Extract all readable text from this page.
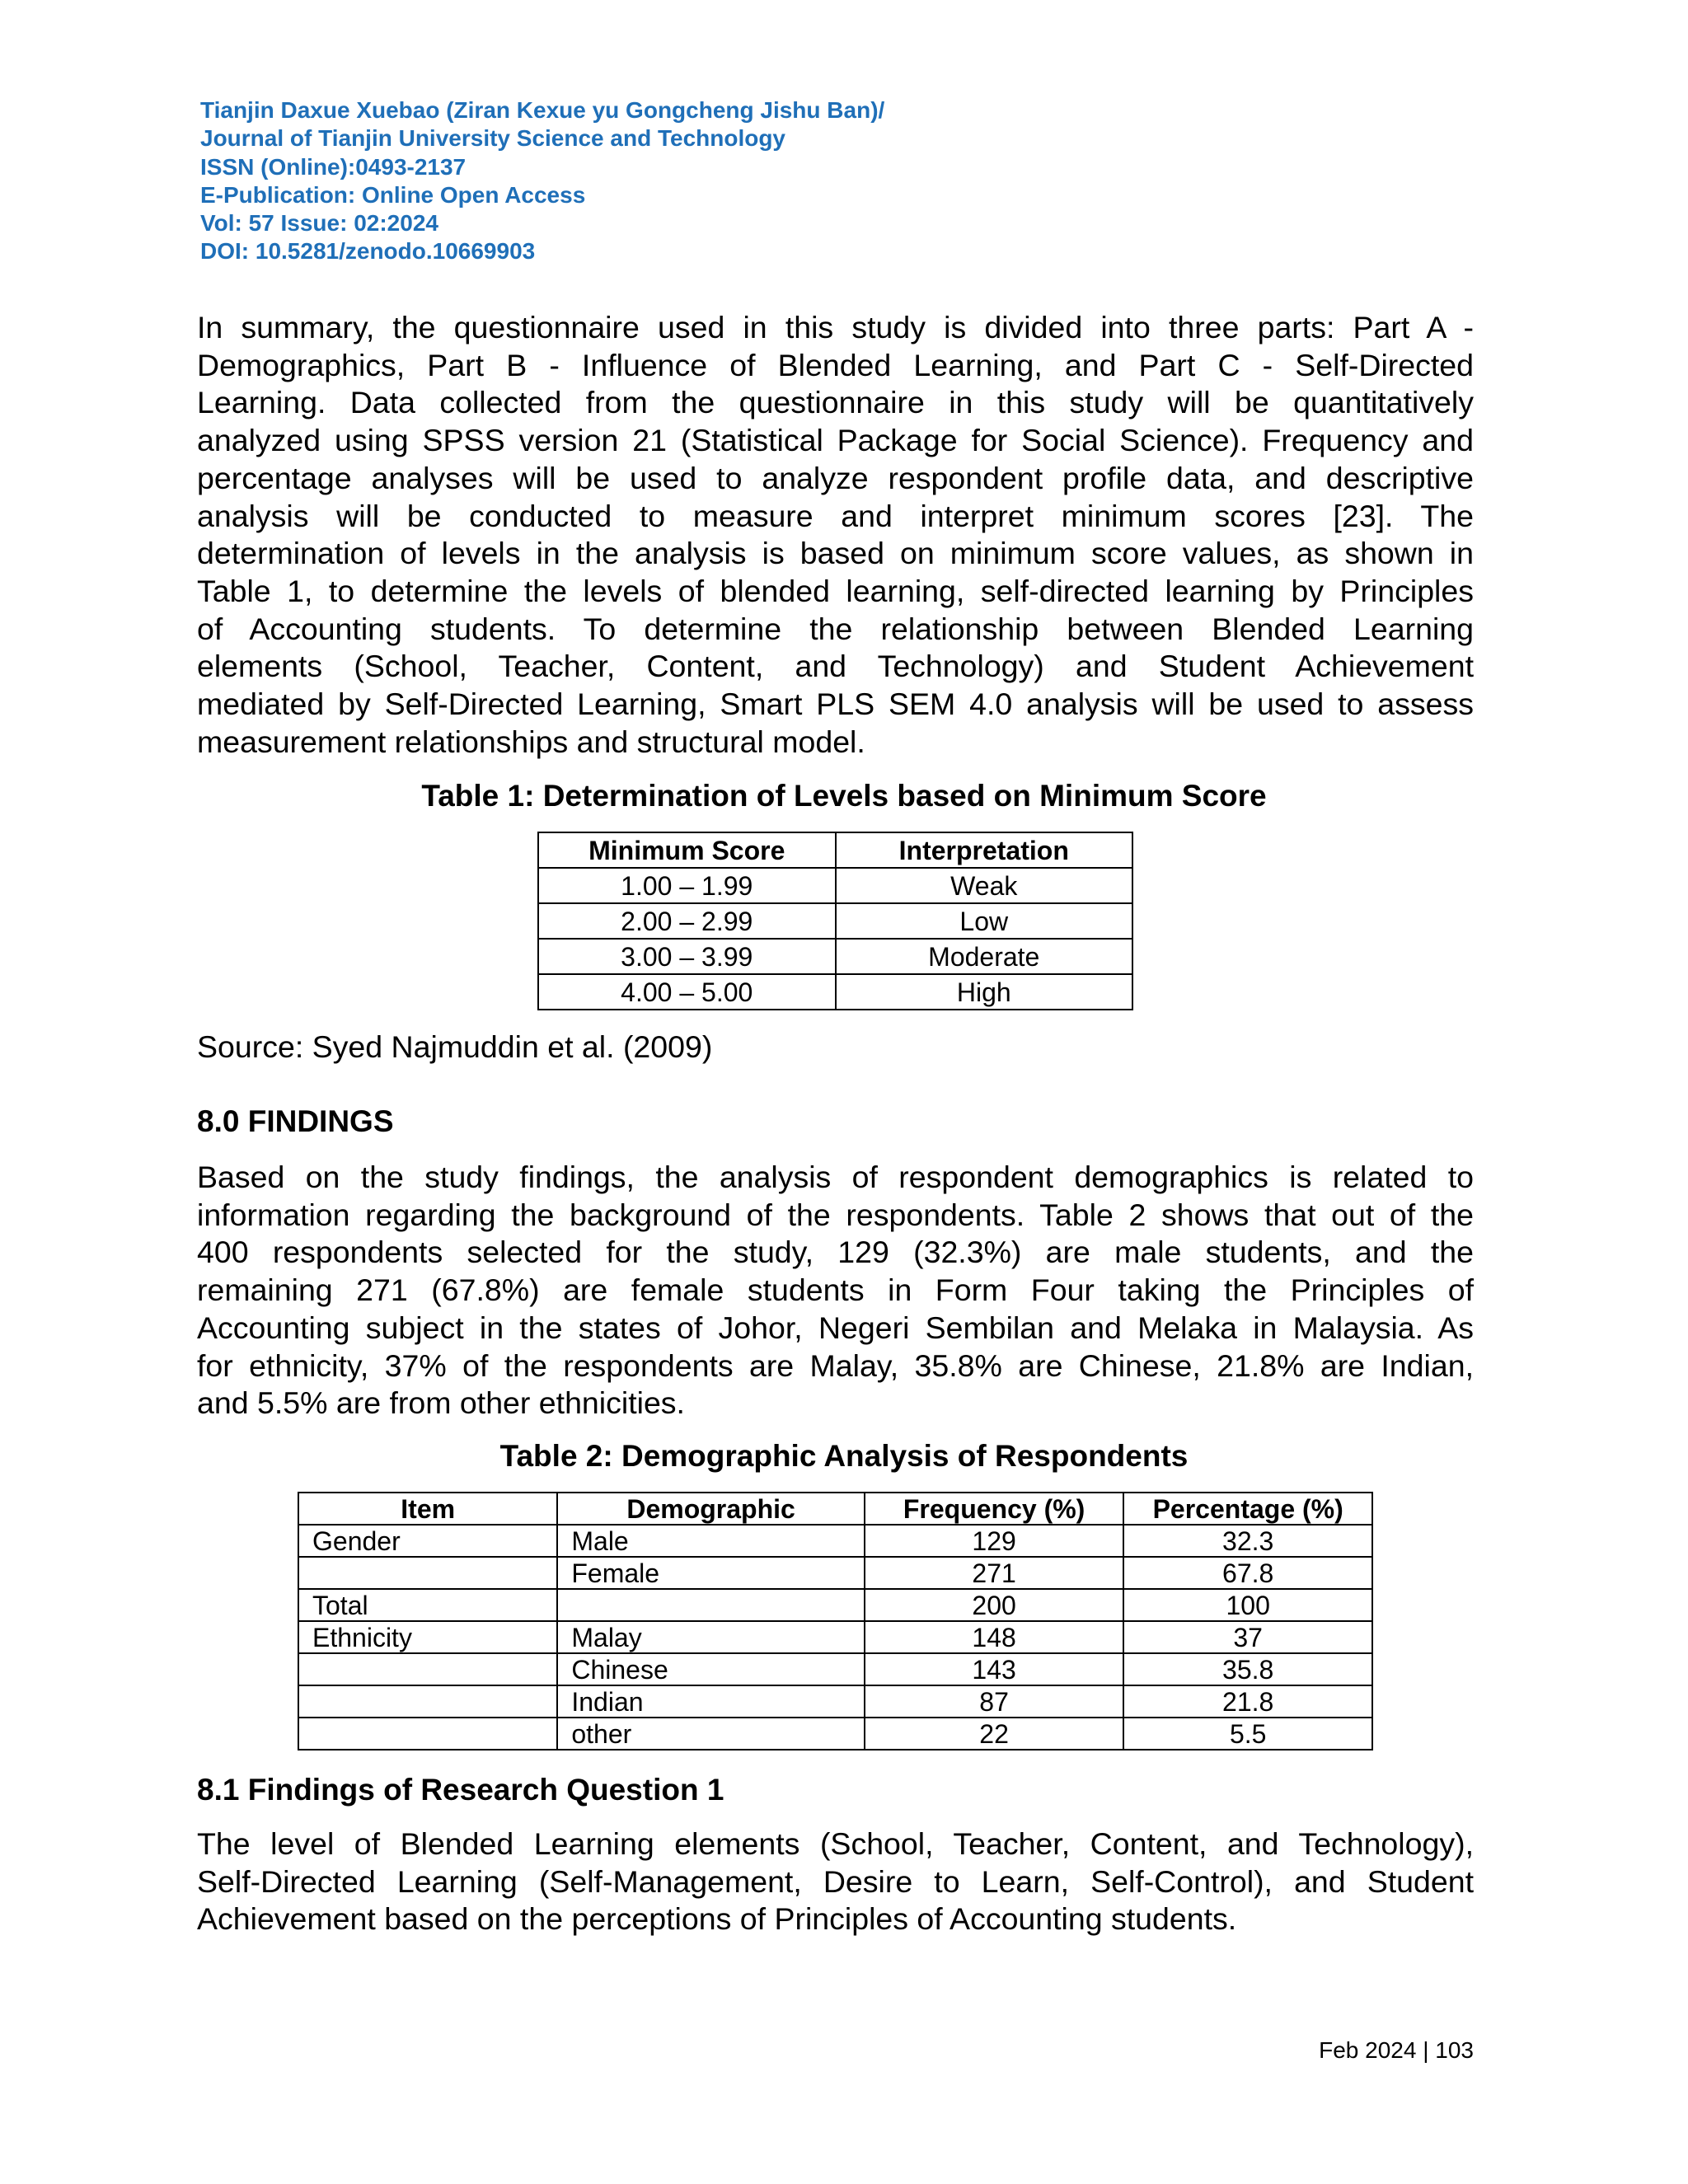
Tianjin Daxue Xuebao (Ziran Kexue yu Gongcheng Jishu Ban)/
Journal of Tianjin University Science and Technology
ISSN (Online):0493-2137
E-Publication: Online Open Access
Vol: 57 Issue: 02:2024
DOI: 10.5281/zenodo.10669903
In summary, the questionnaire used in this study is divided into three parts: Part A -
Demographics, Part B - Influence of Blended Learning, and Part C - Self-Directed
Learning. Data collected from the questionnaire in this study will be quantitatively
analyzed using SPSS version 21 (Statistical Package for Social Science). Frequency and
percentage analyses will be used to analyze respondent profile data, and descriptive
analysis will be conducted to measure and interpret minimum scores [23]. The
determination of levels in the analysis is based on minimum score values, as shown in
Table 1, to determine the levels of blended learning, self-directed learning by Principles
of Accounting students. To determine the relationship between Blended Learning
elements (School, Teacher, Content, and Technology) and Student Achievement
mediated by Self-Directed Learning, Smart PLS SEM 4.0 analysis will be used to assess
measurement relationships and structural model.
Table 1: Determination of Levels based on Minimum Score
Minimum Score	Interpretation
1.00 – 1.99	Weak
2.00 – 2.99	Low
3.00 – 3.99	Moderate
4.00 – 5.00	High
Source: Syed Najmuddin et al. (2009)
8.0 FINDINGS
Based on the study findings, the analysis of respondent demographics is related to
information regarding the background of the respondents. Table 2 shows that out of the
400 respondents selected for the study, 129 (32.3%) are male students, and the
remaining 271 (67.8%) are female students in Form Four taking the Principles of
Accounting subject in the states of Johor, Negeri Sembilan and Melaka in Malaysia. As
for ethnicity, 37% of the respondents are Malay, 35.8% are Chinese, 21.8% are Indian,
and 5.5% are from other ethnicities.
Table 2: Demographic Analysis of Respondents
Item	Demographic	Frequency (%)	Percentage (%)
Gender	Male	129	32.3
	Female	271	67.8
Total		200	100
Ethnicity	Malay	148	37
	Chinese	143	35.8
	Indian	87	21.8
	other	22	5.5
8.1 Findings of Research Question 1
The level of Blended Learning elements (School, Teacher, Content, and Technology),
Self-Directed Learning (Self-Management, Desire to Learn, Self-Control), and Student
Achievement based on the perceptions of Principles of Accounting students.
Feb 2024 | 103
